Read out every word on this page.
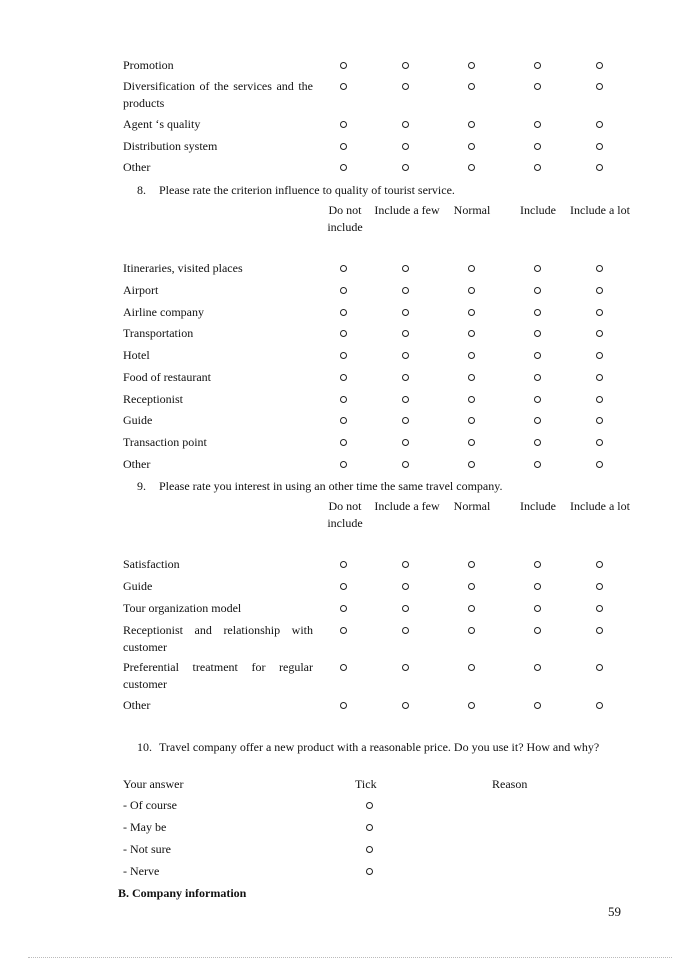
Promotion
Diversification of the services and the products
Agent ‘s quality
Distribution system
Other
8. Please rate the criterion influence to quality of tourist service.
Do not include
Include a few	Normal	Include	Include a lot
Itineraries, visited places
Airport
Airline company
Transportation
Hotel
Food of restaurant
Receptionist
Guide
Transaction point
Other
9. Please rate you interest in using an other time the same travel company.
Do not include
Include a few	Normal	Include	Include a lot
Satisfaction
Guide
Tour organization model
Receptionist and relationship with customer
Preferential treatment for regular customer
Other
10. Travel company offer a new product with a reasonable price. Do you use it? How and why?
Your answer	Tick	Reason
- Of course
- May be
- Not sure
- Nerve
B. Company information
59
